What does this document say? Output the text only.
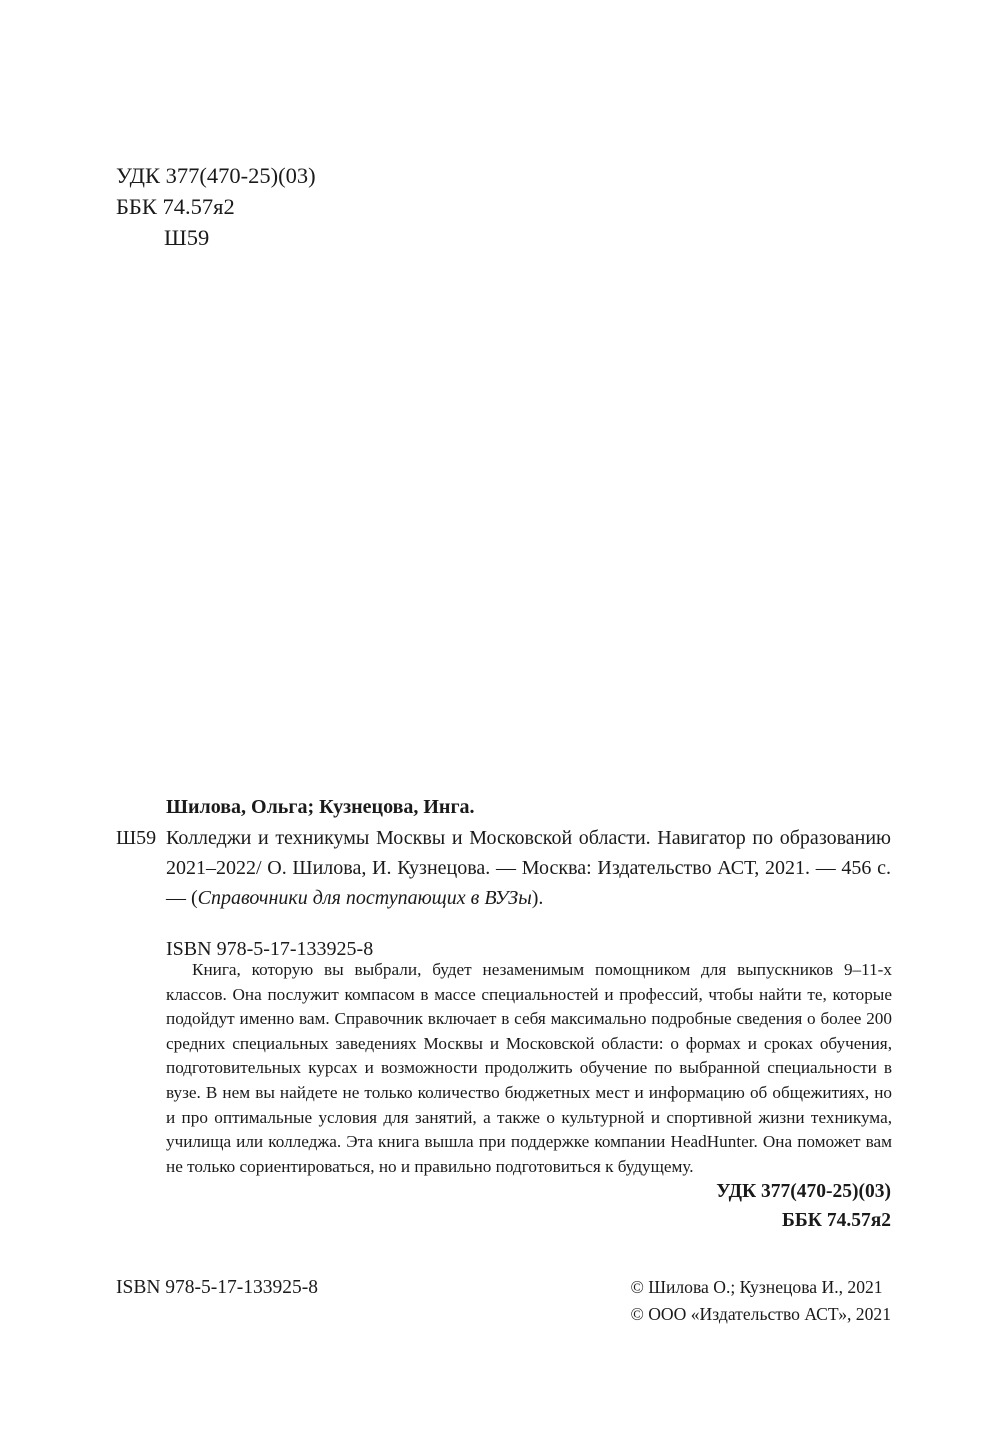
УДК 377(470-25)(03)
ББК 74.57я2
Ш59

Шилова, Ольга; Кузнецова, Инга.

Ш59 Колледжи и техникумы Москвы и Московской области. Навигатор по образованию 2021–2022/ О. Шилова, И. Кузнецова. — Москва: Издательство АСТ, 2021. — 456 с. — (Справочники для поступающих в ВУЗы).

ISBN 978-5-17-133925-8

Книга, которую вы выбрали, будет незаменимым помощником для выпускников 9–11-х классов. Она послужит компасом в массе специальностей и профессий, чтобы найти те, которые подойдут именно вам. Справочник включает в себя максимально подробные сведения о более 200 средних специальных заведениях Москвы и Московской области: о формах и сроках обучения, подготовительных курсах и возможности продолжить обучение по выбранной специальности в вузе. В нем вы найдете не только количество бюджетных мест и информацию об общежитиях, но и про оптимальные условия для занятий, а также о культурной и спортивной жизни техникума, училища или колледжа. Эта книга вышла при поддержке компании HeadHunter. Она поможет вам не только сориентироваться, но и правильно подготовиться к будущему.

УДК 377(470-25)(03)
ББК 74.57я2
ISBN 978-5-17-133925-8	© Шилова О.; Кузнецова И., 2021
© ООО «Издательство АСТ», 2021
